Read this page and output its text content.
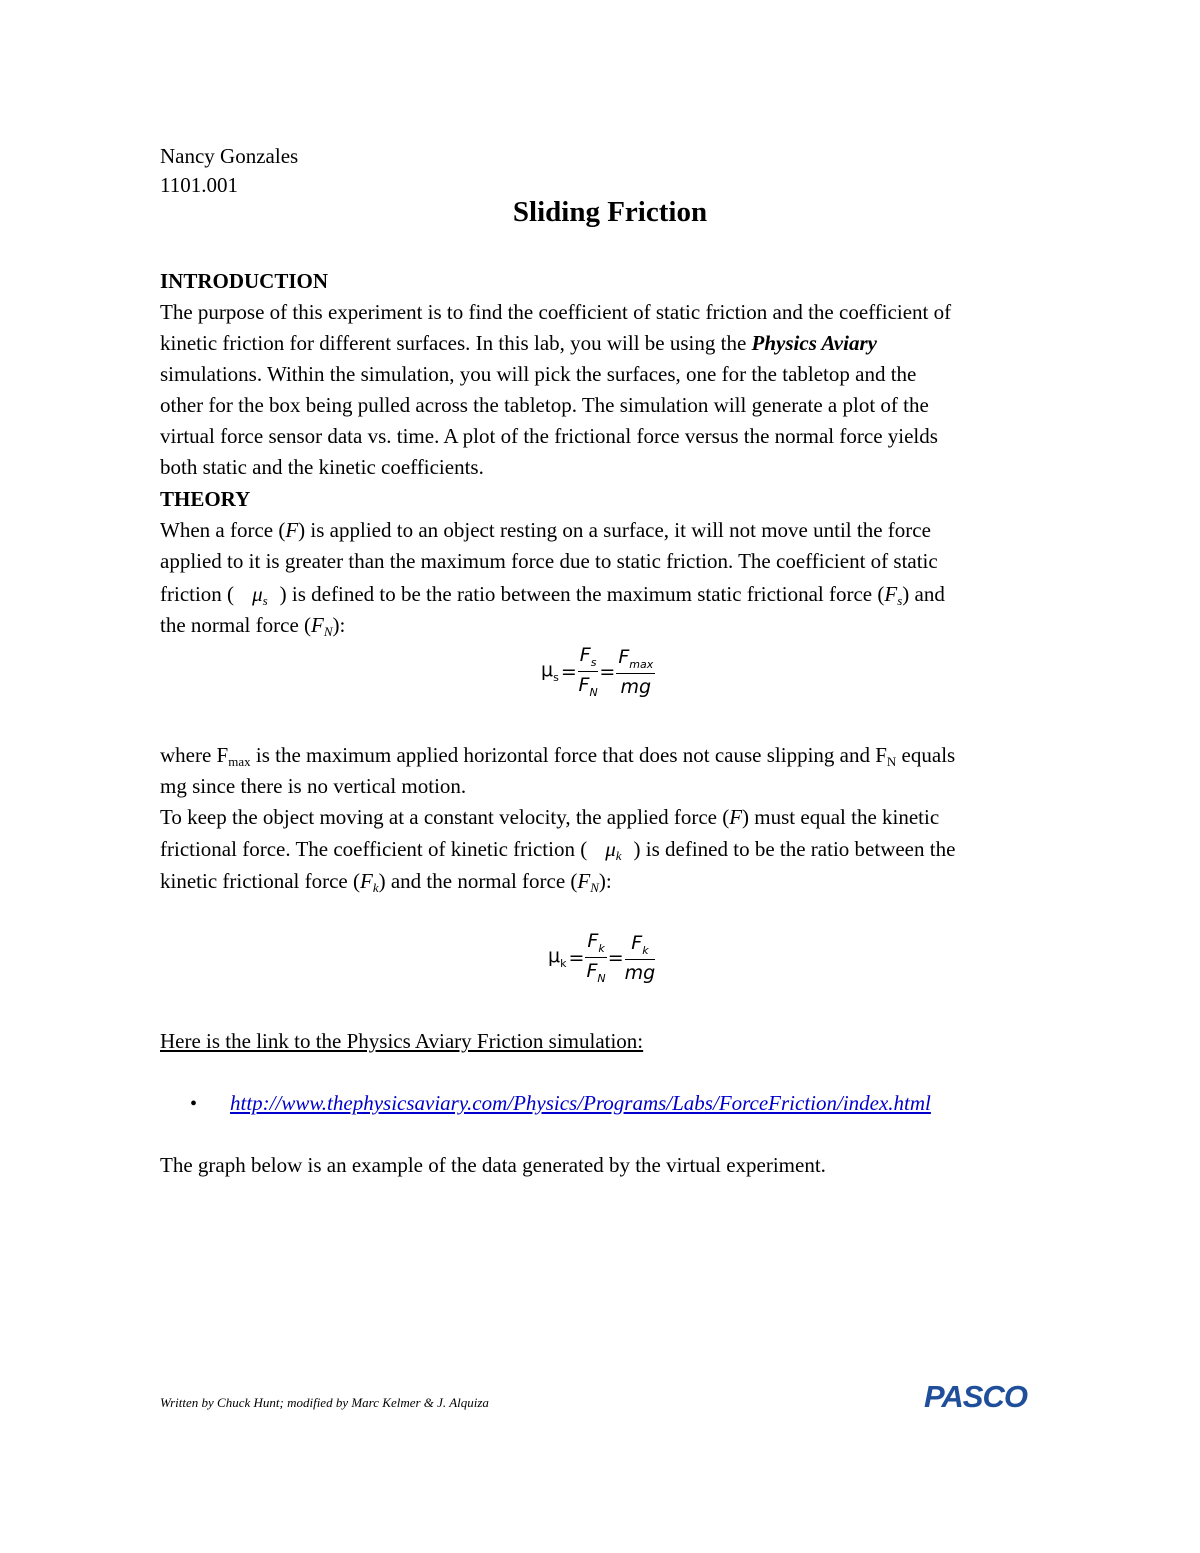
Nancy Gonzales
1101.001
Sliding Friction
INTRODUCTION
The purpose of this experiment is to find the coefficient of static friction and the coefficient of
kinetic friction for different surfaces. In this lab, you will be using the Physics Aviary
simulations. Within the simulation, you will pick the surfaces, one for the tabletop and the
other for the box being pulled across the tabletop. The simulation will generate a plot of the
virtual force sensor data vs. time. A plot of the frictional force versus the normal force yields
both static and the kinetic coefficients.
THEORY
When a force (F) is applied to an object resting on a surface, it will not move until the force
applied to it is greater than the maximum force due to static friction. The coefficient of static
friction ( $\mu_s$ ) is defined to be the ratio between the maximum static frictional force $(F_s)$ and
the normal force $(F_N)$:
$\mu_s = \frac{F_s}{F_N} = \frac{F_{max}}{mg}$
where $F_{max}$ is the maximum applied horizontal force that does not cause slipping and $F_N$ equals
mg since there is no vertical motion.
To keep the object moving at a constant velocity, the applied force (F) must equal the kinetic
frictional force. The coefficient of kinetic friction ( $\mu_k$ ) is defined to be the ratio between the
kinetic frictional force $(F_k)$ and the normal force $(F_N)$:
$\mu_k = \frac{F_k}{F_N} = \frac{F_k}{mg}$
Here is the link to the Physics Aviary Friction simulation:
• http://www.thephysicsaviary.com/Physics/Programs/Labs/ForceFriction/index.html
The graph below is an example of the data generated by the virtual experiment.
Written by Chuck Hunt; modified by Marc Kelmer & J. Alquiza	PASCO
